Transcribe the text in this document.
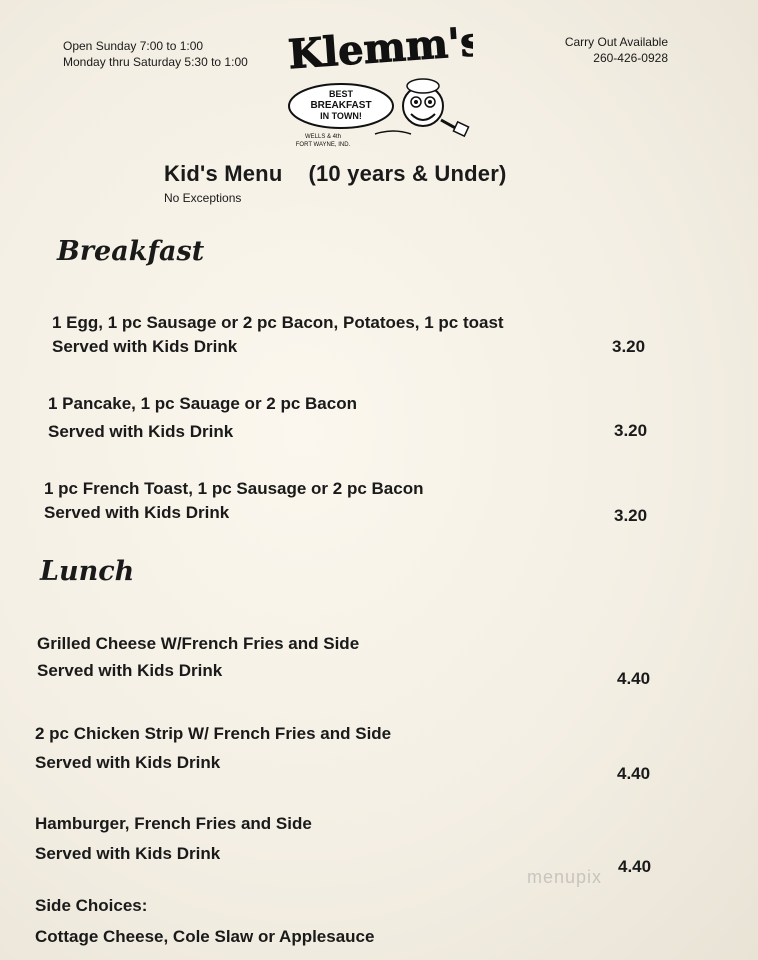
Open Sunday 7:00 to 1:00
Monday thru Saturday 5:30 to 1:00
Carry Out Available
260-426-0928
Klemm's
BEST
BREAKFAST
IN TOWN!
WELLS & 4th
FORT WAYNE, IND.
Kid's Menu (10 years & Under)
No Exceptions
Breakfast
1 Egg, 1 pc Sausage or 2 pc Bacon, Potatoes, 1 pc toast
Served with Kids Drink	3.20
1 Pancake, 1 pc Sauage or 2 pc Bacon
Served with Kids Drink	3.20
1 pc French Toast, 1 pc Sausage or 2 pc Bacon
Served with Kids Drink	3.20
Lunch
Grilled Cheese W/French Fries and Side
Served with Kids Drink	4.40
2 pc Chicken Strip W/ French Fries and Side
Served with Kids Drink
4.40
Hamburger, French Fries and Side
Served with Kids Drink
4.40
Side Choices:
Cottage Cheese, Cole Slaw or Applesauce
menupix
